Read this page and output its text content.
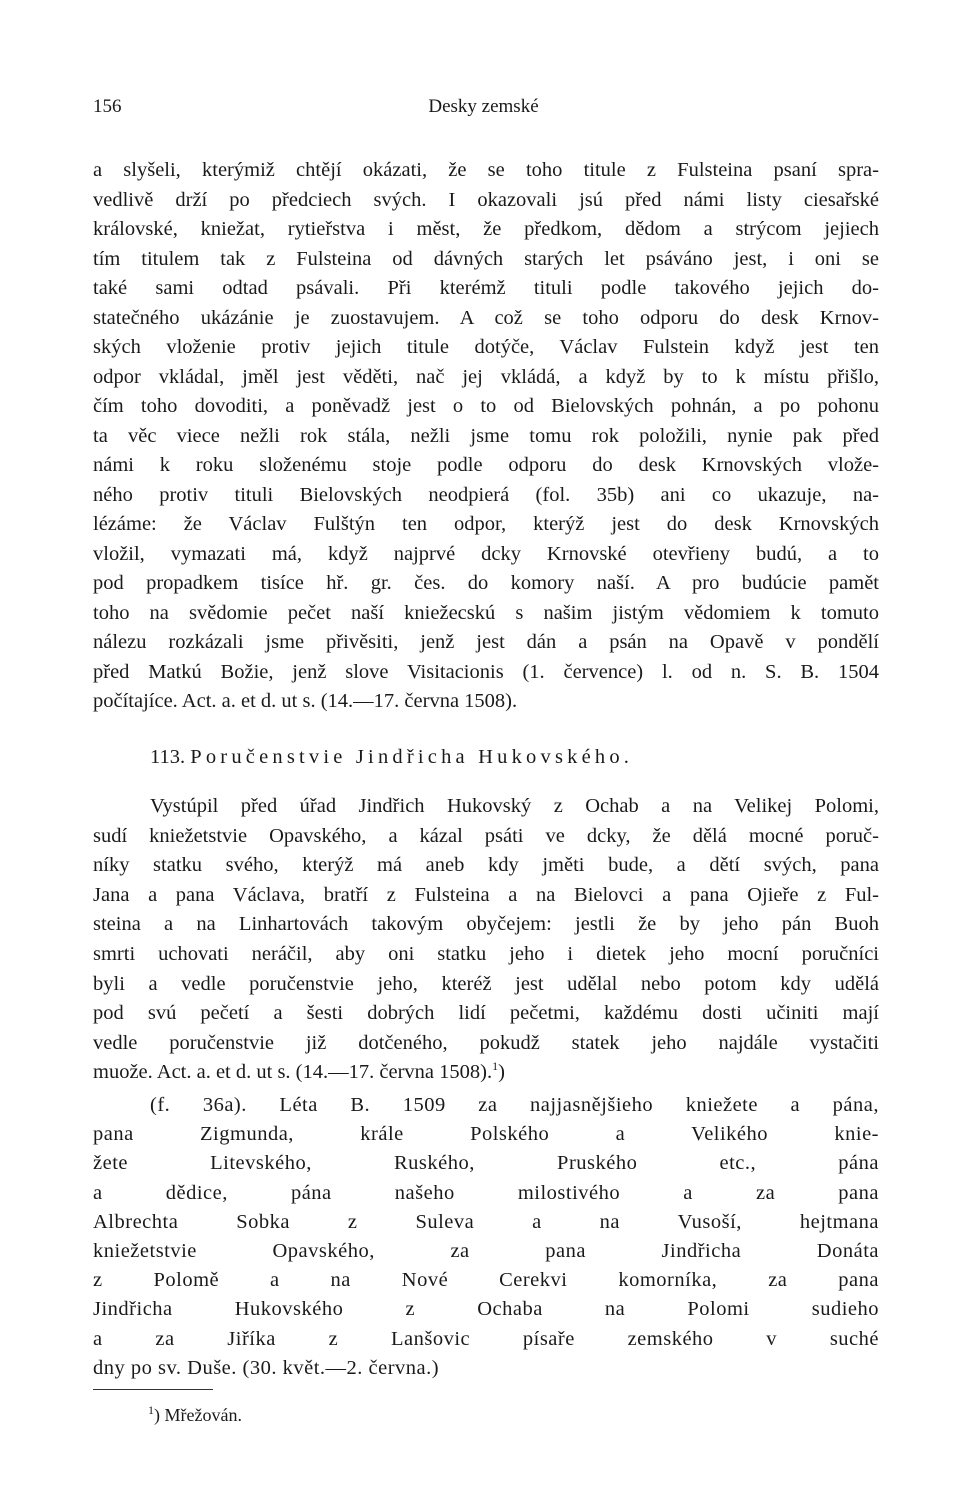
156	Desky zemské
a slyšeli, kterýmiž chtějí okázati, že se toho titule z Fulsteina psaní spra-
vedlivě drží po předciech svých. I okazovali jsú před námi listy ciesařské
královské, kniežat, rytieřstva i měst, že předkom, dědom a strýcom jejiech
tím titulem tak z Fulsteina od dávných starých let psáváno jest, i oni se
také sami odtad psávali. Při kterémž tituli podle takového jejich do-
statečného ukázánie je zuostavujem. A což se toho odporu do desk Krnov-
ských vloženie protiv jejich titule dotýče, Václav Fulstein když jest ten
odpor vkládal, jměl jest věděti, nač jej vkládá, a když by to k místu přišlo,
čím toho dovoditi, a poněvadž jest o to od Bielovských pohnán, a po pohonu
ta věc viece nežli rok stála, nežli jsme tomu rok položili, nynie pak před
námi k roku složenému stoje podle odporu do desk Krnovských vlože-
ného protiv tituli Bielovských neodpierá (fol. 35b) ani co ukazuje, na-
lézáme: že Václav Fulštýn ten odpor, kterýž jest do desk Krnovských
vložil, vymazati má, když najprvé dcky Krnovské otevřieny budú, a to
pod propadkem tisíce hř. gr. čes. do komory naší. A pro budúcie pamět
toho na svědomie pečet naší kniežecskú s našim jistým vědomiem k tomuto
nálezu rozkázali jsme přivěsiti, jenž jest dán a psán na Opavě v pondělí
před Matkú Božie, jenž slove Visitacionis (1. července) l. od n. S. B. 1504
počítajíce. Act. a. et d. ut s. (14.—17. června 1508).
113. Poručenstvie Jindřicha Hukovského.
Vystúpil před úřad Jindřich Hukovský z Ochab a na Velikej Polomi,
sudí kniežetstvie Opavského, a kázal psáti ve dcky, že dělá mocné poruč-
níky statku svého, kterýž má aneb kdy jměti bude, a dětí svých, pana
Jana a pana Václava, bratří z Fulsteina a na Bielovci a pana Ojieře z Ful-
steina a na Linhartovách takovým obyčejem: jestli že by jeho pán Buoh
smrti uchovati neráčil, aby oni statku jeho i dietek jeho mocní poručníci
byli a vedle poručenstvie jeho, kteréž jest udělal nebo potom kdy udělá
pod svú pečetí a šesti dobrých lidí pečetmi, každému dosti učiniti mají
vedle poručenstvie již dotčeného, pokudž statek jeho najdále vystačiti
muože. Act. a. et d. ut s. (14.—17. června 1508).$^1$)
(f. 36a). Léta B. 1509 za najjasnějšieho kniežete a pána,
pana Zigmunda, krále Polského a Velikého knie-
žete Litevského, Ruského, Pruského etc., pána
a dědice, pána našeho milostivého a za pana
Albrechta Sobka z Suleva a na Vusoší, hejtmana
kniežetstvie Opavského, za pana Jindřicha Donáta
z Polomě a na Nové Cerekvi komorníka, za pana
Jindřicha Hukovského z Ochaba na Polomi sudieho
a za Jiříka z Lanšovic písaře zemského v suché
dny po sv. Duše. (30. květ.—2. června.)
$^1$) Mřežován.
